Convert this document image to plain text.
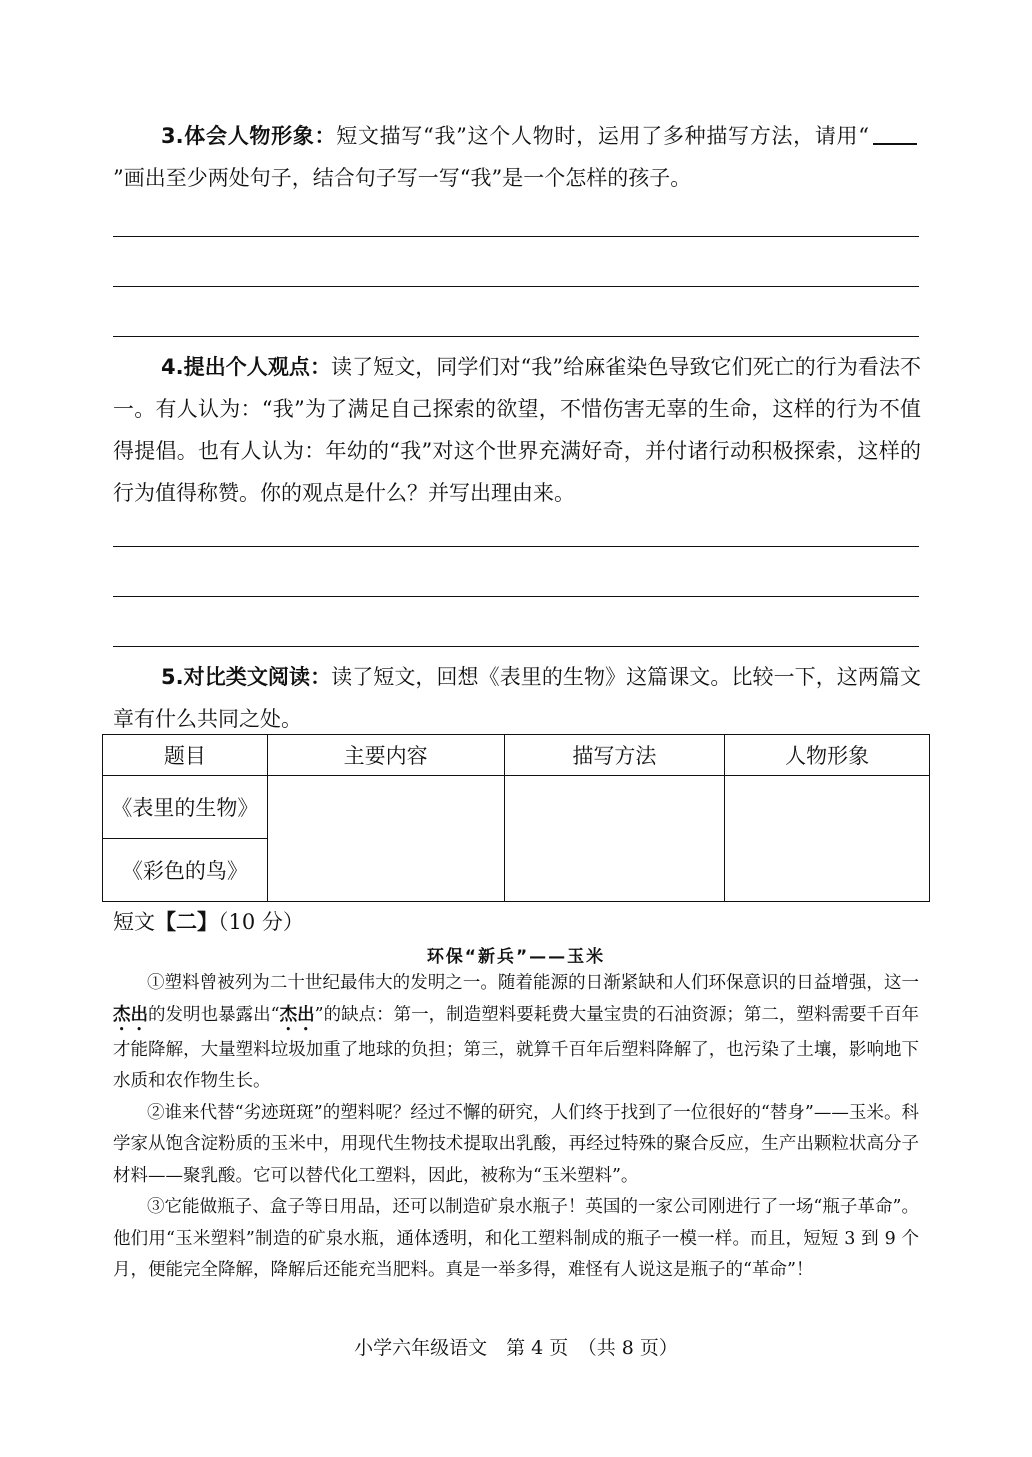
3.体会人物形象：短文描写“我”这个人物时，运用了多种描写方法，请用“”画出至少两处句子，结合句子写一写“我”是一个怎样的孩子。

4.提出个人观点：读了短文，同学们对“我”给麻雀染色导致它们死亡的行为看法不一。有人认为：“我”为了满足自己探索的欲望，不惜伤害无辜的生命，这样的行为不值得提倡。也有人认为：年幼的“我”对这个世界充满好奇，并付诸行动积极探索，这样的行为值得称赞。你的观点是什么？并写出理由来。

5.对比类文阅读：读了短文，回想《表里的生物》这篇课文。比较一下，这两篇文章有什么共同之处。

题目	主要内容	描写方法	人物形象
《表里的生物》			
《彩色的鸟》			
短文【二】（10 分）
环保“新兵”——玉米

①塑料曾被列为二十世纪最伟大的发明之一。随着能源的日渐紧缺和人们环保意识的日益增强，这一杰出的发明也暴露出“杰出”的缺点：第一，制造塑料要耗费大量宝贵的石油资源；第二，塑料需要千百年才能降解，大量塑料垃圾加重了地球的负担；第三，就算千百年后塑料降解了，也污染了土壤，影响地下水质和农作物生长。

②谁来代替“劣迹斑斑”的塑料呢？经过不懈的研究，人们终于找到了一位很好的“替身”——玉米。科学家从饱含淀粉质的玉米中，用现代生物技术提取出乳酸，再经过特殊的聚合反应，生产出颗粒状高分子材料——聚乳酸。它可以替代化工塑料，因此，被称为“玉米塑料”。

③它能做瓶子、盒子等日用品，还可以制造矿泉水瓶子！英国的一家公司刚进行了一场“瓶子革命”。他们用“玉米塑料”制造的矿泉水瓶，通体透明，和化工塑料制成的瓶子一模一样。而且，短短 3 到 9 个月，便能完全降解，降解后还能充当肥料。真是一举多得，难怪有人说这是瓶子的“革命”！

小学六年级语文　第 4 页　（共 8 页）
